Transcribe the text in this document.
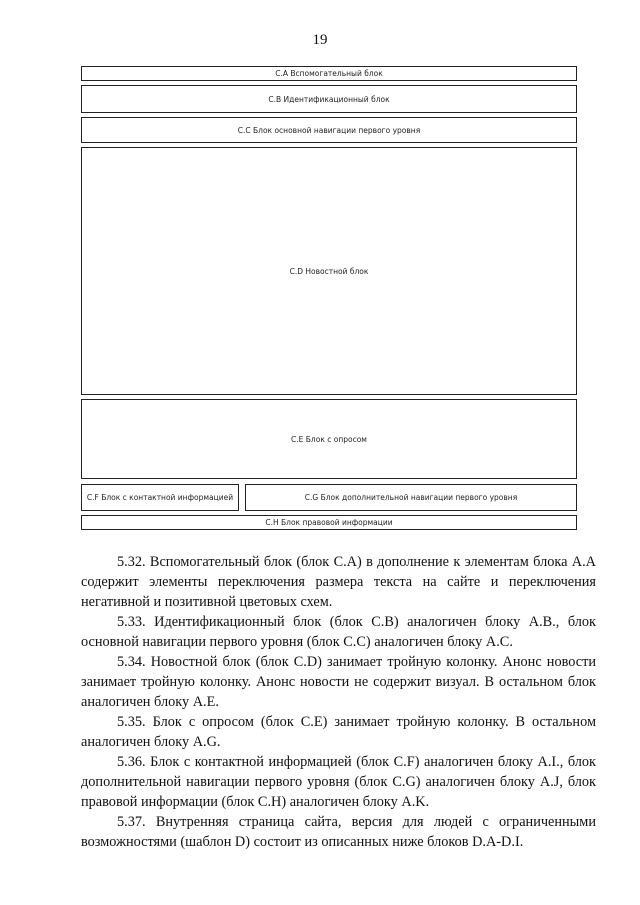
19
С.А Вспомогательный блок
С.В Идентификационный блок
С.С Блок основной навигации первого уровня
С.D Новостной блок
С.Е Блок с опросом
С.F Блок с контактной информацией	С.G Блок дополнительной навигации первого уровня
С.Н Блок правовой информации

5.32. Вспомогательный блок (блок С.А) в дополнение к элементам блока А.А содержит элементы переключения размера текста на сайте и переключения негативной и позитивной цветовых схем.

5.33. Идентификационный блок (блок С.В) аналогичен блоку А.В., блок основной навигации первого уровня (блок С.С) аналогичен блоку А.С.

5.34. Новостной блок (блок С.D) занимает тройную колонку. Анонс новости занимает тройную колонку. Анонс новости не содержит визуал. В остальном блок аналогичен блоку А.Е.

5.35. Блок с опросом (блок С.Е) занимает тройную колонку. В остальном аналогичен блоку А.G.

5.36. Блок с контактной информацией (блок С.F) аналогичен блоку А.I., блок дополнительной навигации первого уровня (блок С.G) аналогичен блоку А.J, блок правовой информации (блок С.Н) аналогичен блоку А.K.

5.37. Внутренняя страница сайта, версия для людей с ограниченными возможностями (шаблон D) состоит из описанных ниже блоков D.А-D.I.
